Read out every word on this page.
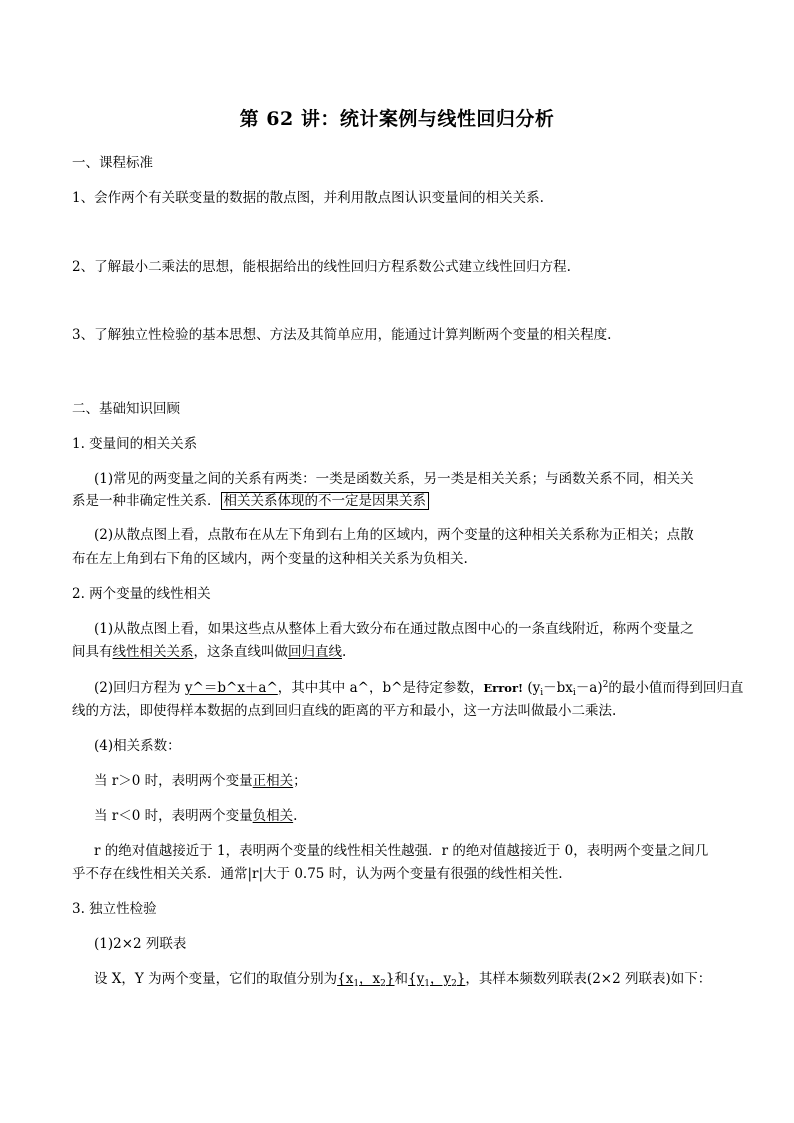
第 62 讲：统计案例与线性回归分析
一、课程标准
1、会作两个有关联变量的数据的散点图，并利用散点图认识变量间的相关关系.
2、了解最小二乘法的思想，能根据给出的线性回归方程系数公式建立线性回归方程.
3、了解独立性检验的基本思想、方法及其简单应用，能通过计算判断两个变量的相关程度.
二、基础知识回顾
1. 变量间的相关关系
(1)常见的两变量之间的关系有两类：一类是函数关系，另一类是相关关系；与函数关系不同，相关关
系是一种非确定性关系． 相关关系体现的不一定是因果关系
(2)从散点图上看，点散布在从左下角到右上角的区域内，两个变量的这种相关关系称为正相关；点散
布在左上角到右下角的区域内，两个变量的这种相关关系为负相关.
2. 两个变量的线性相关
(1)从散点图上看，如果这些点从整体上看大致分布在通过散点图中心的一条直线附近，称两个变量之
间具有线性相关关系，这条直线叫做回归直线.
(2)回归方程为 y^＝b^x＋a^，其中其中 a^，b^是待定参数，Error! $(y_i-bx_i-a)^2$的最小值而得到回归直
线的方法，即使得样本数据的点到回归直线的距离的平方和最小，这一方法叫做最小二乘法.
(4)相关系数：
当 r＞0 时，表明两个变量正相关；
当 r＜0 时，表明两个变量负相关.
r 的绝对值越接近于 1，表明两个变量的线性相关性越强．r 的绝对值越接近于 0，表明两个变量之间几
乎不存在线性相关关系．通常|r|大于 0.75 时，认为两个变量有很强的线性相关性.
3. 独立性检验
(1)2×2 列联表
设 X，Y 为两个变量，它们的取值分别为{$x_1$，$x_2$}和{$y_1$，$y_2$}，其样本频数列联表(2×2 列联表)如下：
